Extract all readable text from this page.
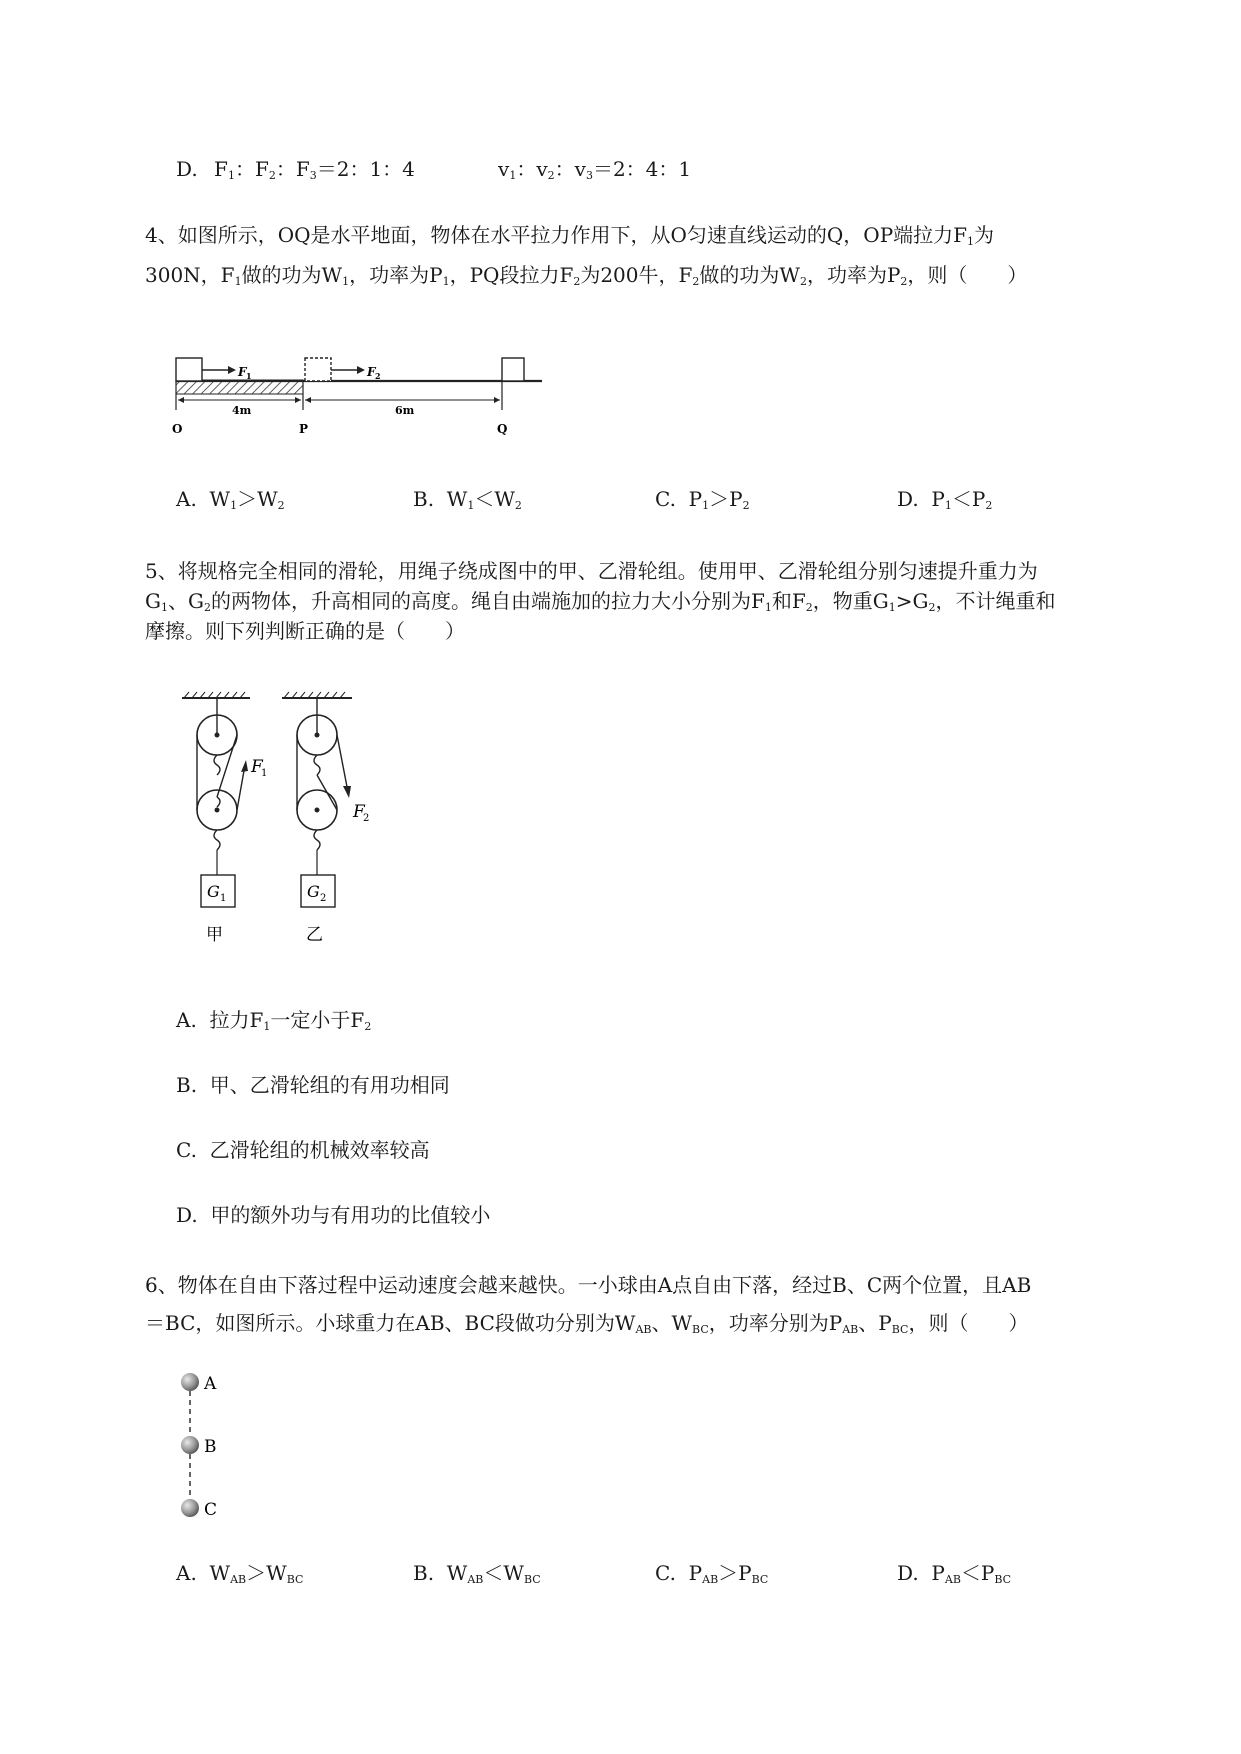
D. $F_1$：$F_2$：$F_3=2$：1：4	$v_1$：$v_2$：$v_3=2$：4：1
4、如图所示，OQ是水平地面，物体在水平拉力作用下，从O匀速直线运动的Q，OP端拉力$F_1$为
300N，$F_1$做的功为$W_1$，功率为$P_1$，PQ段拉力$F_2$为200牛，$F_2$做的功为$W_2$，功率为$P_2$，则（　　）
F 1	F 2
4m	6m
O	P	Q
A. $W_1>W_2$	B. $W_1<W_2$	C. $P_1>P_2$	D. $P_1<P_2$
5、将规格完全相同的滑轮，用绳子绕成图中的甲、乙滑轮组。使用甲、乙滑轮组分别匀速提升重力为
$G_1$、$G_2$的两物体，升高相同的高度。绳自由端施加的拉力大小分别为$F_1$和$F_2$，物重$G_1>G_2$，不计绳重和
摩擦。则下列判断正确的是（　　）
G 1
F
1
甲
G 2
F
2
乙
A. 拉力$F_1$一定小于$F_2$
B. 甲、乙滑轮组的有用功相同
C. 乙滑轮组的机械效率较高
D. 甲的额外功与有用功的比值较小
6、物体在自由下落过程中运动速度会越来越快。一小球由A点自由下落，经过B、C两个位置，且AB
＝BC，如图所示。小球重力在AB、BC段做功分别为$W_{AB}$、$W_{BC}$，功率分别为$P_{AB}$、$P_{BC}$，则（　　）
A
B
C
A. $W_{AB}>W_{BC}$	B. $W_{AB}<W_{BC}$	C. $P_{AB}>P_{BC}$	D. $P_{AB}<P_{BC}$
